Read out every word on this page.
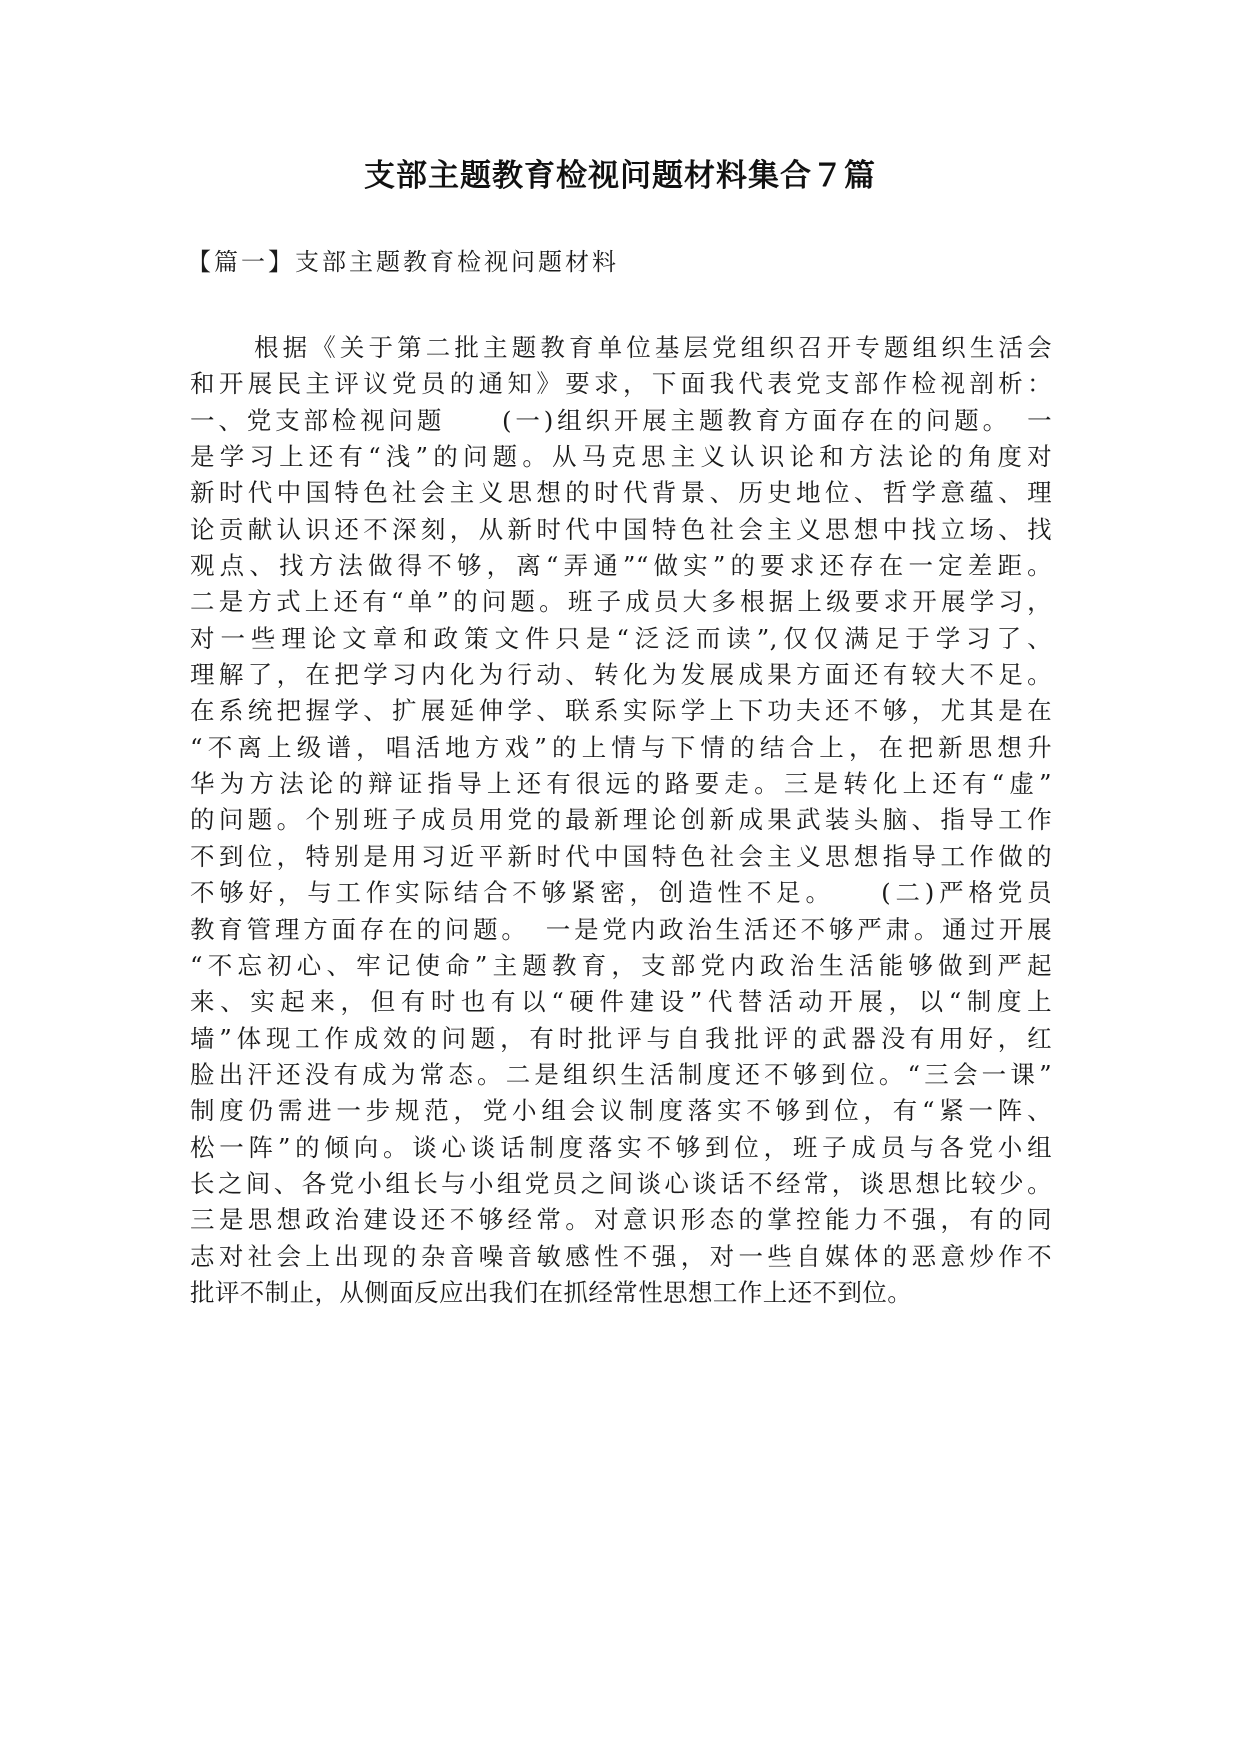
支部主题教育检视问题材料集合７篇
【篇一】支部主题教育检视问题材料
根据《关于第二批主题教育单位基层党组织召开专题组织生活会
和开展民主评议党员的通知》要求，下面我代表党支部作检视剖析：
一、党支部检视问题　　(一)组织开展主题教育方面存在的问题。　一
是学习上还有“浅”的问题。从马克思主义认识论和方法论的角度对
新时代中国特色社会主义思想的时代背景、历史地位、哲学意蕴、理
论贡献认识还不深刻，从新时代中国特色社会主义思想中找立场、找
观点、找方法做得不够，离“弄通”“做实”的要求还存在一定差距。
二是方式上还有“单”的问题。班子成员大多根据上级要求开展学习，
对一些理论文章和政策文件只是“泛泛而读”,仅仅满足于学习了、
理解了，在把学习内化为行动、转化为发展成果方面还有较大不足。
在系统把握学、扩展延伸学、联系实际学上下功夫还不够，尤其是在
“不离上级谱，唱活地方戏”的上情与下情的结合上，在把新思想升
华为方法论的辩证指导上还有很远的路要走。三是转化上还有“虚”
的问题。个别班子成员用党的最新理论创新成果武装头脑、指导工作
不到位，特别是用习近平新时代中国特色社会主义思想指导工作做的
不够好，与工作实际结合不够紧密，创造性不足。　　(二)严格党员
教育管理方面存在的问题。　一是党内政治生活还不够严肃。通过开展
“不忘初心、牢记使命”主题教育，支部党内政治生活能够做到严起
来、实起来，但有时也有以“硬件建设”代替活动开展，以“制度上
墙”体现工作成效的问题，有时批评与自我批评的武器没有用好，红
脸出汗还没有成为常态。二是组织生活制度还不够到位。“三会一课”
制度仍需进一步规范，党小组会议制度落实不够到位，有“紧一阵、
松一阵”的倾向。谈心谈话制度落实不够到位，班子成员与各党小组
长之间、各党小组长与小组党员之间谈心谈话不经常，谈思想比较少。
三是思想政治建设还不够经常。对意识形态的掌控能力不强，有的同
志对社会上出现的杂音噪音敏感性不强，对一些自媒体的恶意炒作不
批评不制止，从侧面反应出我们在抓经常性思想工作上还不到位。
